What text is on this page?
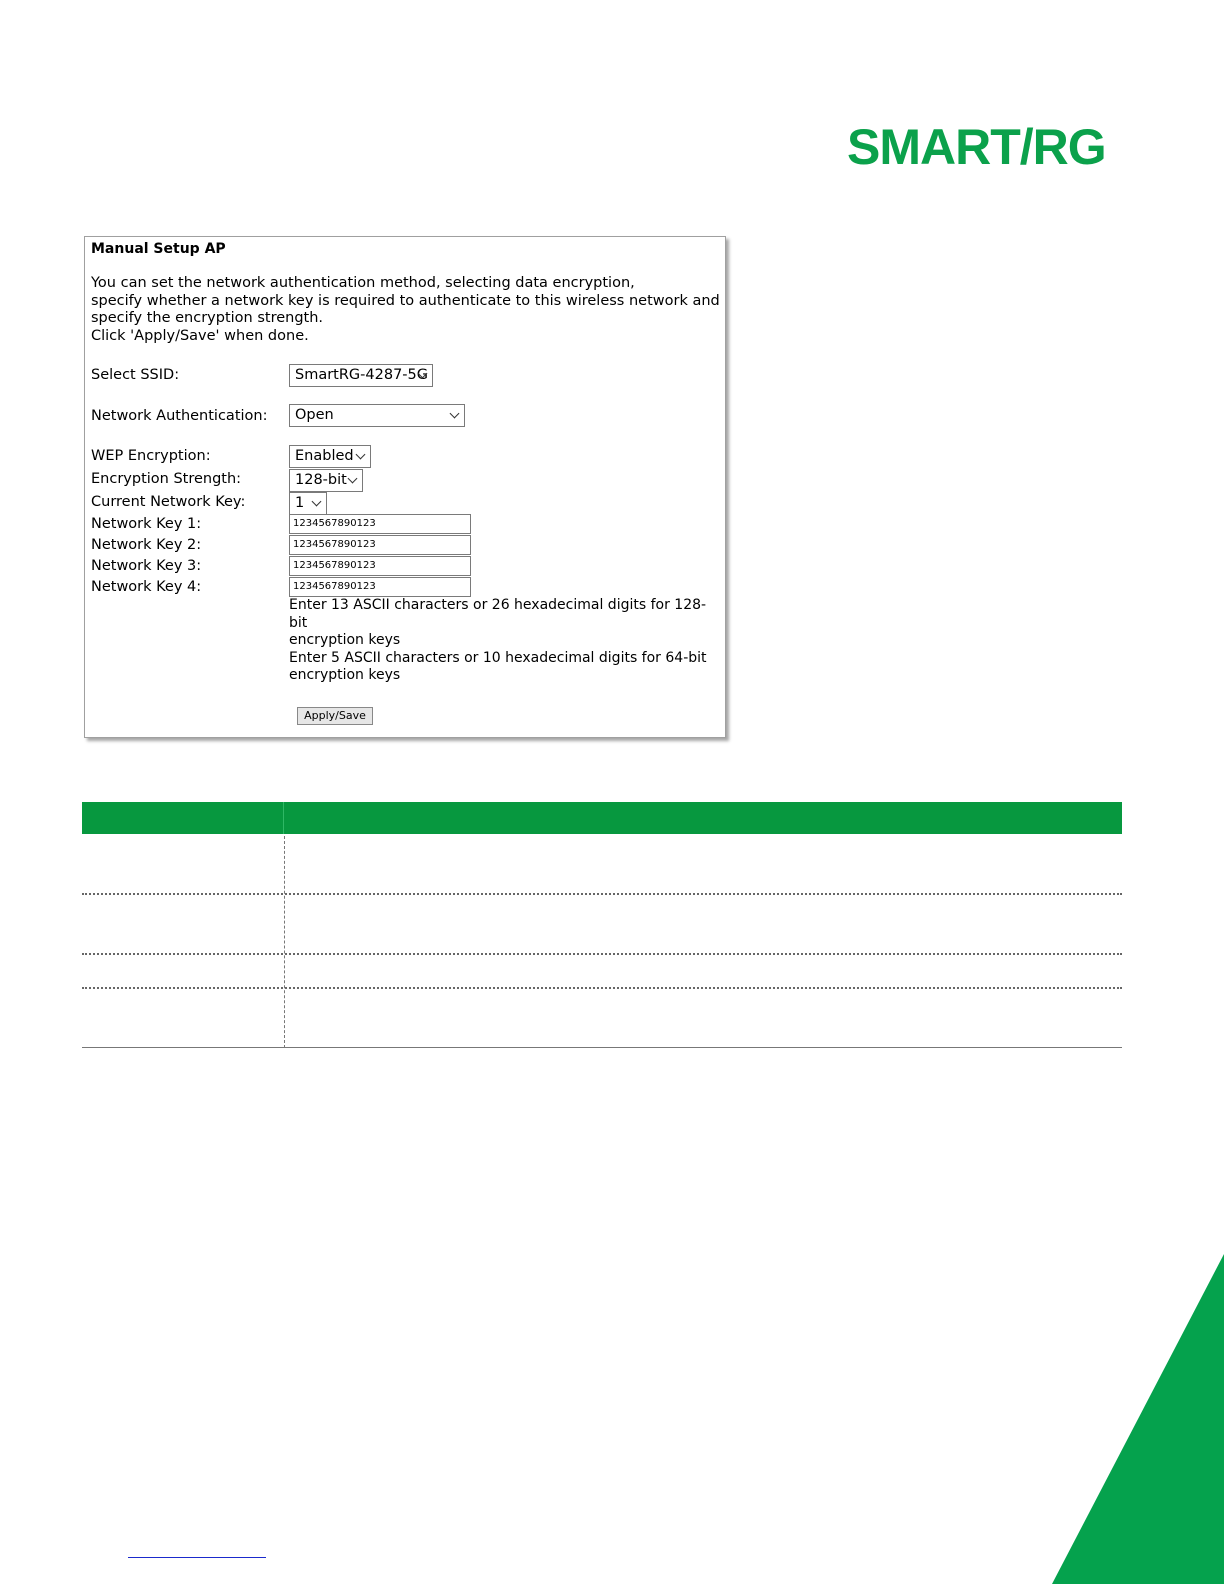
SMART/RG
Manual Setup AP
You can set the network authentication method, selecting data encryption,
specify whether a network key is required to authenticate to this wireless network and
specify the encryption strength.
Click 'Apply/Save' when done.
Select SSID:	SmartRG-4287-5G
Network Authentication:	Open
WEP Encryption:	Enabled
Encryption Strength:	128-bit
Current Network Key:	1
Network Key 1:	1234567890123
Network Key 2:	1234567890123
Network Key 3:	1234567890123
Network Key 4:	1234567890123
Enter 13 ASCII characters or 26 hexadecimal digits for 128-bit
encryption keys
Enter 5 ASCII characters or 10 hexadecimal digits for 64-bit
encryption keys
Apply/Save
